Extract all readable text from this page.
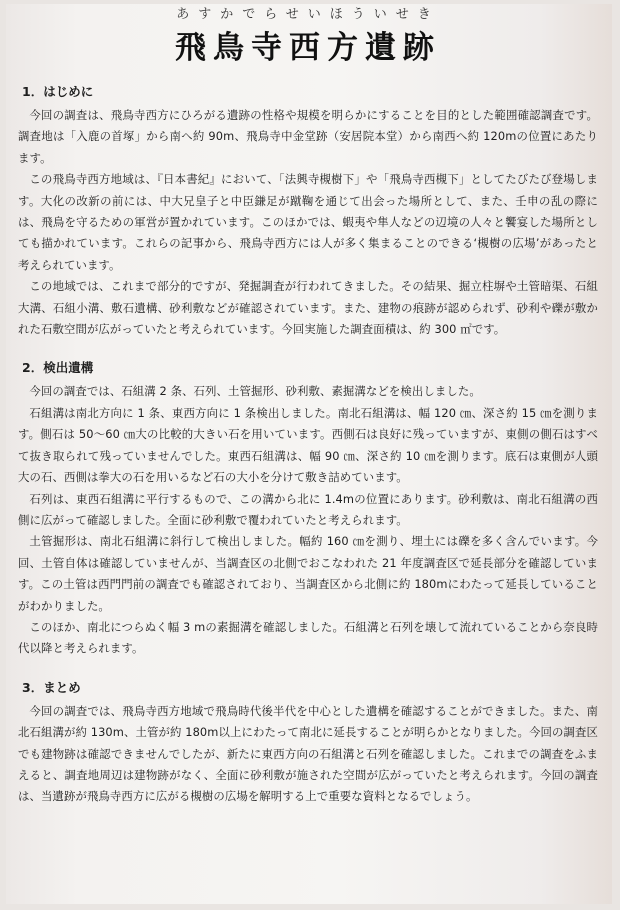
あすかでらせいほういせき
飛鳥寺西方遺跡
1．はじめに

今回の調査は、飛鳥寺西方にひろがる遺跡の性格や規模を明らかにすることを目的とした範囲確認調査です。調査地は「入鹿の首塚」から南へ約 90m、飛鳥寺中金堂跡（安居院本堂）から南西へ約 120mの位置にあたります。

この飛鳥寺西方地域は、『日本書紀』において、「法興寺槻樹下」や「飛鳥寺西槻下」としてたびたび登場します。大化の改新の前には、中大兄皇子と中臣鎌足が蹴鞠を通じて出会った場所として、また、壬申の乱の際には、飛鳥を守るための軍営が置かれています。このほかでは、蝦夷や隼人などの辺境の人々と饗宴した場所としても描かれています。これらの記事から、飛鳥寺西方には人が多く集まることのできる‘槻樹の広場’があったと考えられています。

この地域では、これまで部分的ですが、発掘調査が行われてきました。その結果、掘立柱塀や土管暗渠、石組大溝、石組小溝、敷石遺構、砂利敷などが確認されています。また、建物の痕跡が認められず、砂利や礫が敷かれた石敷空間が広がっていたと考えられています。今回実施した調査面積は、約 300 ㎡です。

2．検出遺構

今回の調査では、石組溝 2 条、石列、土管掘形、砂利敷、素掘溝などを検出しました。

石組溝は南北方向に 1 条、東西方向に 1 条検出しました。南北石組溝は、幅 120 ㎝、深さ約 15 ㎝を測ります。側石は 50～60 ㎝大の比較的大きい石を用いています。西側石は良好に残っていますが、東側の側石はすべて抜き取られて残っていませんでした。東西石組溝は、幅 90 ㎝、深さ約 10 ㎝を測ります。底石は東側が人頭大の石、西側は拳大の石を用いるなど石の大小を分けて敷き詰めています。

石列は、東西石組溝に平行するもので、この溝から北に 1.4mの位置にあります。砂利敷は、南北石組溝の西側に広がって確認しました。全面に砂利敷で覆われていたと考えられます。

土管掘形は、南北石組溝に斜行して検出しました。幅約 160 ㎝を測り、埋土には礫を多く含んでいます。今回、土管自体は確認していませんが、当調査区の北側でおこなわれた 21 年度調査区で延長部分を確認しています。この土管は西門門前の調査でも確認されており、当調査区から北側に約 180mにわたって延長していることがわかりました。

このほか、南北につらぬく幅 3 mの素掘溝を確認しました。石組溝と石列を壊して流れていることから奈良時代以降と考えられます。

3．まとめ

今回の調査では、飛鳥寺西方地域で飛鳥時代後半代を中心とした遺構を確認することができました。また、南北石組溝が約 130m、土管が約 180m以上にわたって南北に延長することが明らかとなりました。今回の調査区でも建物跡は確認できませんでしたが、新たに東西方向の石組溝と石列を確認しました。これまでの調査をふまえると、調査地周辺は建物跡がなく、全面に砂利敷が施された空間が広がっていたと考えられます。今回の調査は、当遺跡が飛鳥寺西方に広がる槻樹の広場を解明する上で重要な資料となるでしょう。
